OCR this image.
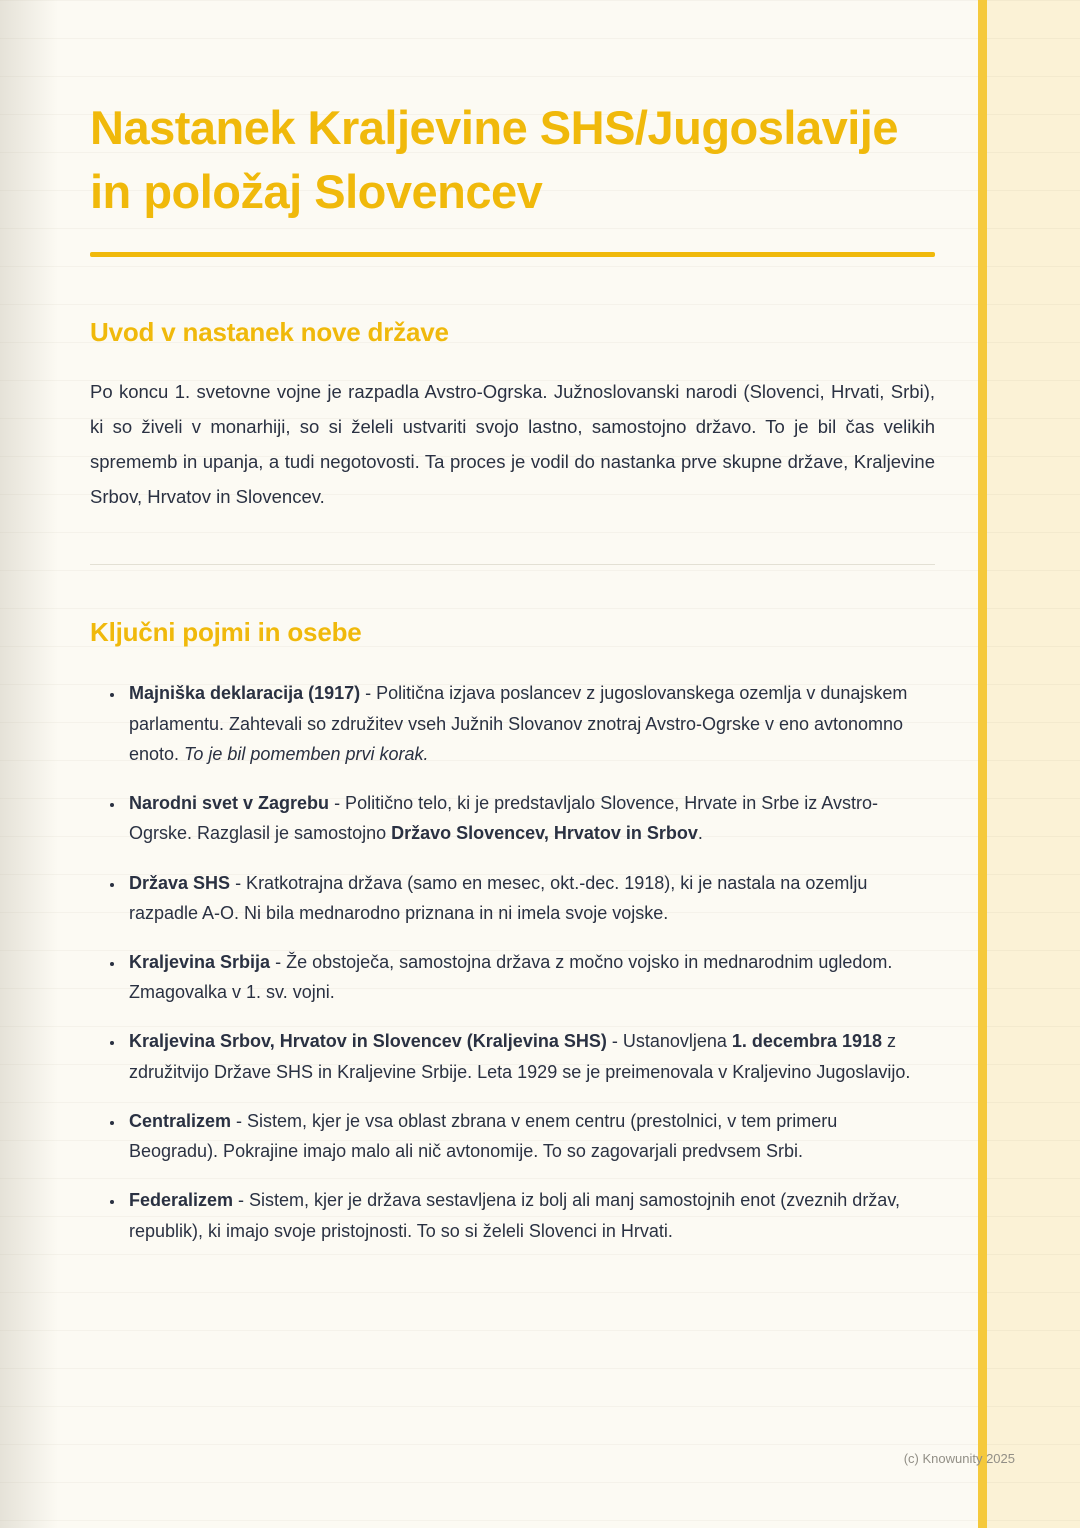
Nastanek Kraljevine SHS/Jugoslavije in položaj Slovencev
Uvod v nastanek nove države

Po koncu 1. svetovne vojne je razpadla Avstro-Ogrska. Južnoslovanski narodi (Slovenci, Hrvati, Srbi), ki so živeli v monarhiji, so si želeli ustvariti svojo lastno, samostojno državo. To je bil čas velikih sprememb in upanja, a tudi negotovosti. Ta proces je vodil do nastanka prve skupne države, Kraljevine Srbov, Hrvatov in Slovencev.

Ključni pojmi in osebe
• Majniška deklaracija (1917) - Politična izjava poslancev z jugoslovanskega ozemlja v dunajskem parlamentu. Zahtevali so združitev vseh Južnih Slovanov znotraj Avstro-Ogrske v eno avtonomno enoto. To je bil pomemben prvi korak.
• Narodni svet v Zagrebu - Politično telo, ki je predstavljalo Slovence, Hrvate in Srbe iz Avstro-Ogrske. Razglasil je samostojno Državo Slovencev, Hrvatov in Srbov.
• Država SHS - Kratkotrajna država (samo en mesec, okt.-dec. 1918), ki je nastala na ozemlju razpadle A-O. Ni bila mednarodno priznana in ni imela svoje vojske.
• Kraljevina Srbija - Že obstoječa, samostojna država z močno vojsko in mednarodnim ugledom. Zmagovalka v 1. sv. vojni.
• Kraljevina Srbov, Hrvatov in Slovencev (Kraljevina SHS) - Ustanovljena 1. decembra 1918 z združitvijo Države SHS in Kraljevine Srbije. Leta 1929 se je preimenovala v Kraljevino Jugoslavijo.
• Centralizem - Sistem, kjer je vsa oblast zbrana v enem centru (prestolnici, v tem primeru Beogradu). Pokrajine imajo malo ali nič avtonomije. To so zagovarjali predvsem Srbi.
• Federalizem - Sistem, kjer je država sestavljena iz bolj ali manj samostojnih enot (zveznih držav, republik), ki imajo svoje pristojnosti. To so si želeli Slovenci in Hrvati.
(c) Knowunity 2025
